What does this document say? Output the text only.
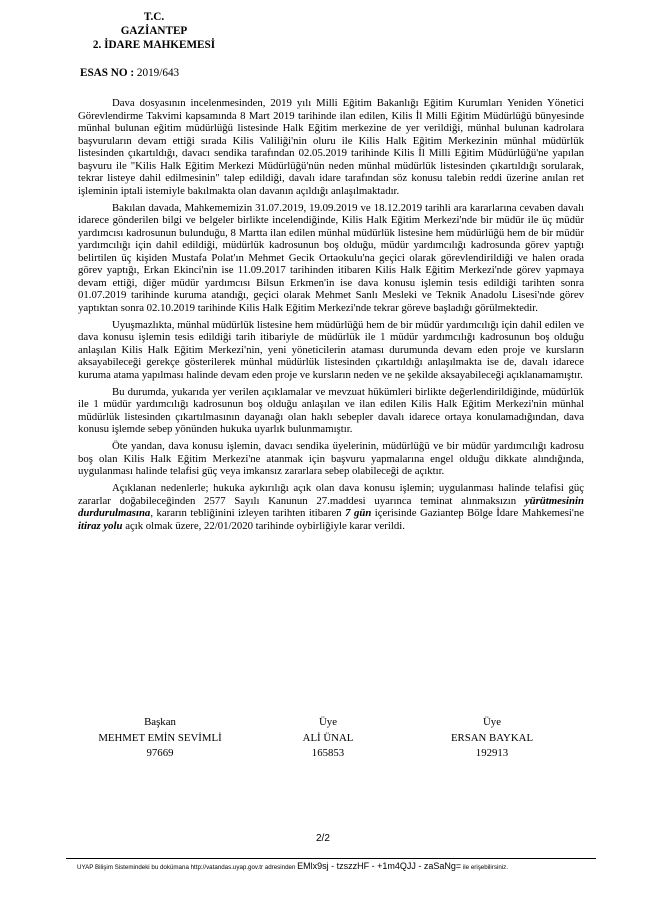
T.C.
GAZİANTEP
2. İDARE MAHKEMESİ
ESAS NO : 2019/643

Dava dosyasının incelenmesinden, 2019 yılı Milli Eğitim Bakanlığı Eğitim Kurumları Yeniden Yönetici Görevlendirme Takvimi kapsamında 8 Mart 2019 tarihinde ilan edilen, Kilis İl Milli Eğitim Müdürlüğü bünyesinde münhal bulunan eğitim müdürlüğü listesinde Halk Eğitim merkezine de yer verildiği, münhal bulunan kadrolara başvuruların devam ettiği sırada Kilis Valiliği'nin oluru ile Kilis Halk Eğitim Merkezinin münhal müdürlük listesinden çıkartıldığı, davacı sendika tarafından 02.05.2019 tarihinde Kilis İl Milli Eğitim Müdürlüğü'ne yapılan başvuru ile "Kilis Halk Eğitim Merkezi Müdürlüğü'nün neden münhal müdürlük listesinden çıkartıldığı sorularak, tekrar listeye dahil edilmesinin" talep edildiği, davalı idare tarafından söz konusu talebin reddi üzerine anılan ret işleminin iptali istemiyle bakılmakta olan davanın açıldığı anlaşılmaktadır.

Bakılan davada, Mahkememizin 31.07.2019, 19.09.2019 ve 18.12.2019 tarihli ara kararlarına cevaben davalı idarece gönderilen bilgi ve belgeler birlikte incelendiğinde, Kilis Halk Eğitim Merkezi'nde bir müdür ile üç müdür yardımcısı kadrosunun bulunduğu, 8 Martta ilan edilen münhal müdürlük listesine hem müdürlüğü hem de bir müdür yardımcılığı için dahil edildiği, müdürlük kadrosunun boş olduğu, müdür yardımcılığı kadrosunda görev yaptığı belirtilen üç kişiden Mustafa Polat'ın Mehmet Gecik Ortaokulu'na geçici olarak görevlendirildiği ve halen orada görev yaptığı, Erkan Ekinci'nin ise 11.09.2017 tarihinden itibaren Kilis Halk Eğitim Merkezi'nde görev yapmaya devam ettiği, diğer müdür yardımcısı Bilsun Erkmen'in ise dava konusu işlemin tesis edildiği tarihten sonra 01.07.2019 tarihinde kuruma atandığı, geçici olarak Mehmet Sanlı Mesleki ve Teknik Anadolu Lisesi'nde görev yaptıktan sonra 02.10.2019 tarihinde Kilis Halk Eğitim Merkezi'nde tekrar göreve başladığı görülmektedir.

Uyuşmazlıkta, münhal müdürlük listesine hem müdürlüğü hem de bir müdür yardımcılığı için dahil edilen ve dava konusu işlemin tesis edildiği tarih itibariyle de müdürlük ile 1 müdür yardımcılığı kadrosunun boş olduğu anlaşılan Kilis Halk Eğitim Merkezi'nin, yeni yöneticilerin ataması durumunda devam eden proje ve kursların aksayabileceği gerekçe gösterilerek münhal müdürlük listesinden çıkartıldığı anlaşılmakta ise de, davalı idarece kuruma atama yapılması halinde devam eden proje ve kursların neden ve ne şekilde aksayabileceği açıklanamamıştır.

Bu durumda, yukarıda yer verilen açıklamalar ve mevzuat hükümleri birlikte değerlendirildiğinde, müdürlük ile 1 müdür yardımcılığı kadrosunun boş olduğu anlaşılan ve ilan edilen Kilis Halk Eğitim Merkezi'nin münhal müdürlük listesinden çıkartılmasının dayanağı olan haklı sebepler davalı idarece ortaya konulamadığından, dava konusu işlemde sebep yönünden hukuka uyarlık bulunmamıştır.

Öte yandan, dava konusu işlemin, davacı sendika üyelerinin, müdürlüğü ve bir müdür yardımcılığı kadrosu boş olan Kilis Halk Eğitim Merkezi'ne atanmak için başvuru yapmalarına engel olduğu dikkate alındığında, uygulanması halinde telafisi güç veya imkansız zararlara sebep olabileceği de açıktır.

Açıklanan nedenlerle; hukuka aykırılığı açık olan dava konusu işlemin; uygulanması halinde telafisi güç zararlar doğabileceğinden 2577 Sayılı Kanunun 27.maddesi uyarınca teminat alınmaksızın yürütmesinin durdurulmasına, kararın tebliğinini izleyen tarihten itibaren 7 gün içerisinde Gaziantep Bölge İdare Mahkemesi'ne itiraz yolu açık olmak üzere, 22/01/2020 tarihinde oybirliğiyle karar verildi.

Başkan
MEHMET EMİN SEVİMLİ
97669
Üye
ALİ ÜNAL
165853
Üye
ERSAN BAYKAL
192913
2/2
UYAP Bilişim Sistemindeki bu dokümana http://vatandas.uyap.gov.tr adresinden EMlx9sj - tzszzHF - +1m4QJJ - zaSaNg= ile erişebilirsiniz.
